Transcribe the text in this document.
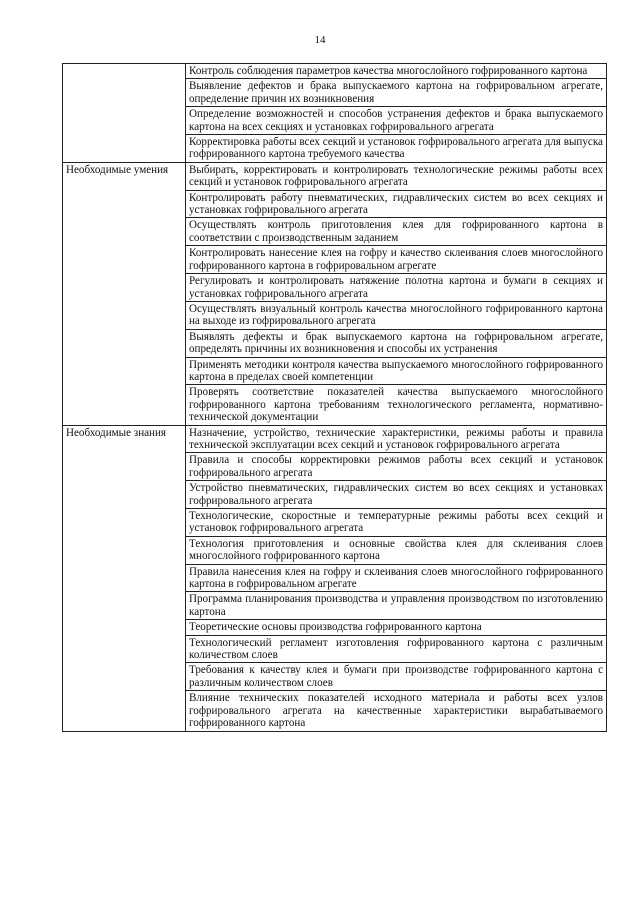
14
	Контроль соблюдения параметров качества многослойного гофрированного картона
	Выявление дефектов и брака выпускаемого картона на гофрировальном агрегате, определение причин их возникновения
	Определение возможностей и способов устранения дефектов и брака выпускаемого картона на всех секциях и установках гофрировального агрегата
	Корректировка работы всех секций и установок гофрировального агрегата для выпуска гофрированного картона требуемого качества
Необходимые умения	Выбирать, корректировать и контролировать технологические режимы работы всех секций и установок гофрировального агрегата
	Контролировать работу пневматических, гидравлических систем во всех секциях и установках гофрировального агрегата
	Осуществлять контроль приготовления клея для гофрированного картона в соответствии с производственным заданием
	Контролировать нанесение клея на гофру и качество склеивания слоев многослойного гофрированного картона в гофрировальном агрегате
	Регулировать и контролировать натяжение полотна картона и бумаги в секциях и установках гофрировального агрегата
	Осуществлять визуальный контроль качества многослойного гофрированного картона на выходе из гофрировального агрегата
	Выявлять дефекты и брак выпускаемого картона на гофрировальном агрегате, определять причины их возникновения и способы их устранения
	Применять методики контроля качества выпускаемого многослойного гофрированного картона в пределах своей компетенции
	Проверять соответствие показателей качества выпускаемого многослойного гофрированного картона требованиям технологического регламента, нормативно-технической документации
Необходимые знания	Назначение, устройство, технические характеристики, режимы работы и правила технической эксплуатации всех секций и установок гофрировального агрегата
	Правила и способы корректировки режимов работы всех секций и установок гофрировального агрегата
	Устройство пневматических, гидравлических систем во всех секциях и установках гофрировального агрегата
	Технологические, скоростные и температурные режимы работы всех секций и установок гофрировального агрегата
	Технология приготовления и основные свойства клея для склеивания слоев многослойного гофрированного картона
	Правила нанесения клея на гофру и склеивания слоев многослойного гофрированного картона в гофрировальном агрегате
	Программа планирования производства и управления производством по изготовлению картона
	Теоретические основы производства гофрированного картона
	Технологический регламент изготовления гофрированного картона с различным количеством слоев
	Требования к качеству клея и бумаги при производстве гофрированного картона с различным количеством слоев
	Влияние технических показателей исходного материала и работы всех узлов гофрировального агрегата на качественные характеристики вырабатываемого гофрированного картона
